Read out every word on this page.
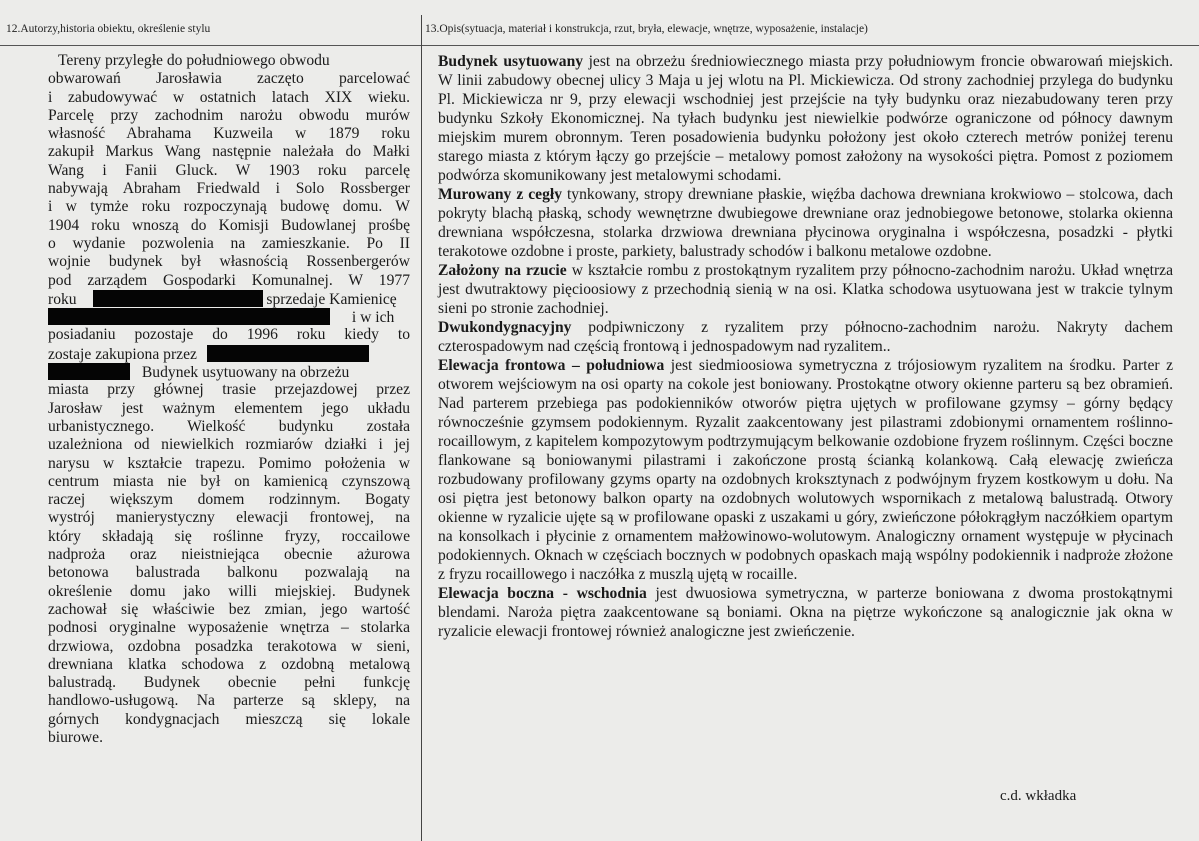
12.Autorzy,historia obiektu, określenie stylu	13.Opis(sytuacja, materiał i konstrukcja, rzut, bryła, elewacje, wnętrze, wyposażenie, instalacje)
Tereny przyległe do południowego obwodu
obwarowań Jarosławia zaczęto parcelować
i zabudowywać w ostatnich latach XIX wieku.
Parcelę przy zachodnim narożu obwodu murów
własność Abrahama Kuzweila w 1879 roku
zakupił Markus Wang następnie należała do Małki
Wang i Fanii Gluck. W 1903 roku parcelę
nabywają Abraham Friedwald i Solo Rossberger
i w tymże roku rozpoczynają budowę domu. W
1904 roku wnoszą do Komisji Budowlanej prośbę
o wydanie pozwolenia na zamieszkanie. Po II
wojnie budynek był własnością Rossenbergerów
pod zarządem Gospodarki Komunalnej. W 1977
roku	sprzedaje Kamienicę
i w ich
posiadaniu pozostaje do 1996 roku kiedy to
zostaje zakupiona przez
Budynek usytuowany na obrzeżu
miasta przy głównej trasie przejazdowej przez
Jarosław jest ważnym elementem jego układu
urbanistycznego. Wielkość budynku została
uzależniona od niewielkich rozmiarów działki i jej
narysu w kształcie trapezu. Pomimo położenia w
centrum miasta nie był on kamienicą czynszową
raczej większym domem rodzinnym. Bogaty
wystrój manierystyczny elewacji frontowej, na
który składają się roślinne fryzy, roccailowe
nadproża oraz nieistniejąca obecnie ażurowa
betonowa balustrada balkonu pozwalają na
określenie domu jako willi miejskiej. Budynek
zachował się właściwie bez zmian, jego wartość
podnosi oryginalne wyposażenie wnętrza – stolarka
drzwiowa, ozdobna posadzka terakotowa w sieni,
drewniana klatka schodowa z ozdobną metalową
balustradą. Budynek obecnie pełni funkcję
handlowo-usługową. Na parterze są sklepy, na
górnych kondygnacjach mieszczą się lokale
biurowe.

Budynek usytuowany jest na obrzeżu średniowiecznego miasta przy południowym froncie obwarowań miejskich. W linii zabudowy obecnej ulicy 3 Maja u jej wlotu na Pl. Mickiewicza. Od strony zachodniej przylega do budynku Pl. Mickiewicza nr 9, przy elewacji wschodniej jest przejście na tyły budynku oraz niezabudowany teren przy budynku Szkoły Ekonomicznej. Na tyłach budynku jest niewielkie podwórze ograniczone od północy dawnym miejskim murem obronnym. Teren posadowienia budynku położony jest około czterech metrów poniżej terenu starego miasta z którym łączy go przejście – metalowy pomost założony na wysokości piętra. Pomost z poziomem podwórza skomunikowany jest metalowymi schodami.

Murowany z cegły tynkowany, stropy drewniane płaskie, więźba dachowa drewniana krokwiowo – stolcowa, dach pokryty blachą płaską, schody wewnętrzne dwubiegowe drewniane oraz jednobiegowe betonowe, stolarka okienna drewniana współczesna, stolarka drzwiowa drewniana płycinowa oryginalna i współczesna, posadzki - płytki terakotowe ozdobne i proste, parkiety, balustrady schodów i balkonu metalowe ozdobne.

Założony na rzucie w kształcie rombu z prostokątnym ryzalitem przy północno-zachodnim narożu. Układ wnętrza jest dwutraktowy pięcioosiowy z przechodnią sienią w na osi. Klatka schodowa usytuowana jest w trakcie tylnym sieni po stronie zachodniej.

Dwukondygnacyjny podpiwniczony z ryzalitem przy północno-zachodnim narożu. Nakryty dachem czterospadowym nad częścią frontową i jednospadowym nad ryzalitem..

Elewacja frontowa – południowa jest siedmioosiowa symetryczna z trójosiowym ryzalitem na środku. Parter z otworem wejściowym na osi oparty na cokole jest boniowany. Prostokątne otwory okienne parteru są bez obramień. Nad parterem przebiega pas podokienników otworów piętra ujętych w profilowane gzymsy – górny będący równocześnie gzymsem podokiennym. Ryzalit zaakcentowany jest pilastrami zdobionymi ornamentem roślinno-rocaillowym, z kapitelem kompozytowym podtrzymującym belkowanie ozdobione fryzem roślinnym. Części boczne flankowane są boniowanymi pilastrami i zakończone prostą ścianką kolankową. Całą elewację zwieńcza rozbudowany profilowany gzyms oparty na ozdobnych kroksztynach z podwójnym fryzem kostkowym u dołu. Na osi piętra jest betonowy balkon oparty na ozdobnych wolutowych wspornikach z metalową balustradą. Otwory okienne w ryzalicie ujęte są w profilowane opaski z uszakami u góry, zwieńczone półokrągłym naczółkiem opartym na konsolkach i płycinie z ornamentem małżowinowo-wolutowym. Analogiczny ornament występuje w płycinach podokiennych. Oknach w częściach bocznych w podobnych opaskach mają wspólny podokiennik i nadproże złożone z fryzu rocaillowego i naczółka z muszlą ujętą w rocaille.

Elewacja boczna - wschodnia jest dwuosiowa symetryczna, w parterze boniowana z dwoma prostokątnymi blendami. Naroża piętra zaakcentowane są boniami. Okna na piętrze wykończone są analogicznie jak okna w ryzalicie elewacji frontowej również analogiczne jest zwieńczenie.

c.d. wkładka
